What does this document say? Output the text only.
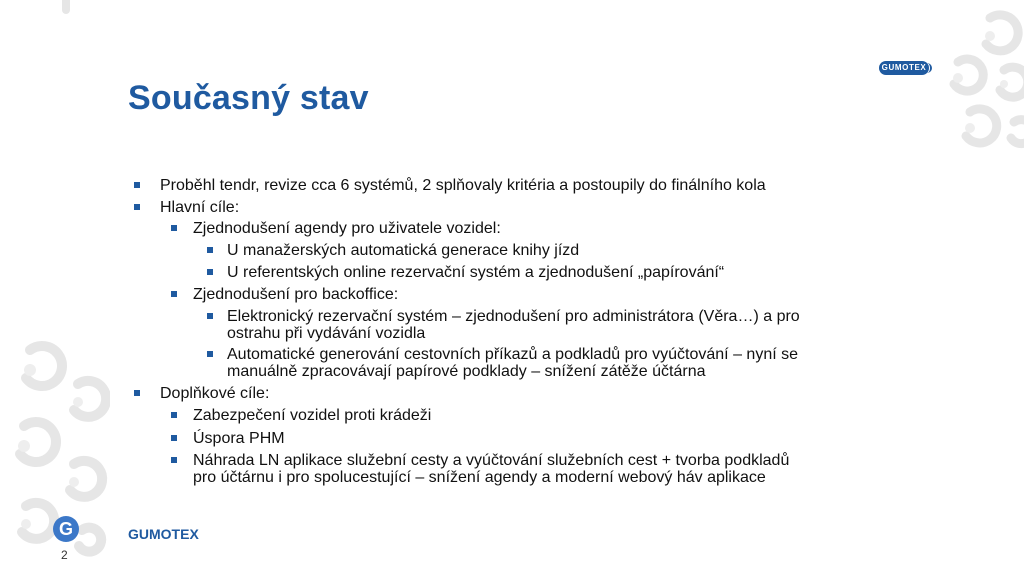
Současný stav
GUMOTEX
Proběhl tendr, revize cca 6 systémů, 2 splňovaly kritéria a postoupily do finálního kola
Hlavní cíle:
Zjednodušení agendy pro uživatele vozidel:
U manažerských automatická generace knihy jízd
U referentských online rezervační systém a zjednodušení „papírování“
Zjednodušení pro backoffice:
Elektronický rezervační systém – zjednodušení pro administrátora (Věra…) a pro
ostrahu při vydávání vozidla
Automatické generování cestovních příkazů a podkladů pro vyúčtování – nyní se
manuálně zpracovávají papírové podklady – snížení zátěže účtárna
Doplňkové cíle:
Zabezpečení vozidel proti krádeži
Úspora PHM
Náhrada LN aplikace služební cesty a vyúčtování služebních cest + tvorba podkladů
pro účtárnu i pro spolucestující – snížení agendy a moderní webový háv aplikace
G	GUMOTEX
2
